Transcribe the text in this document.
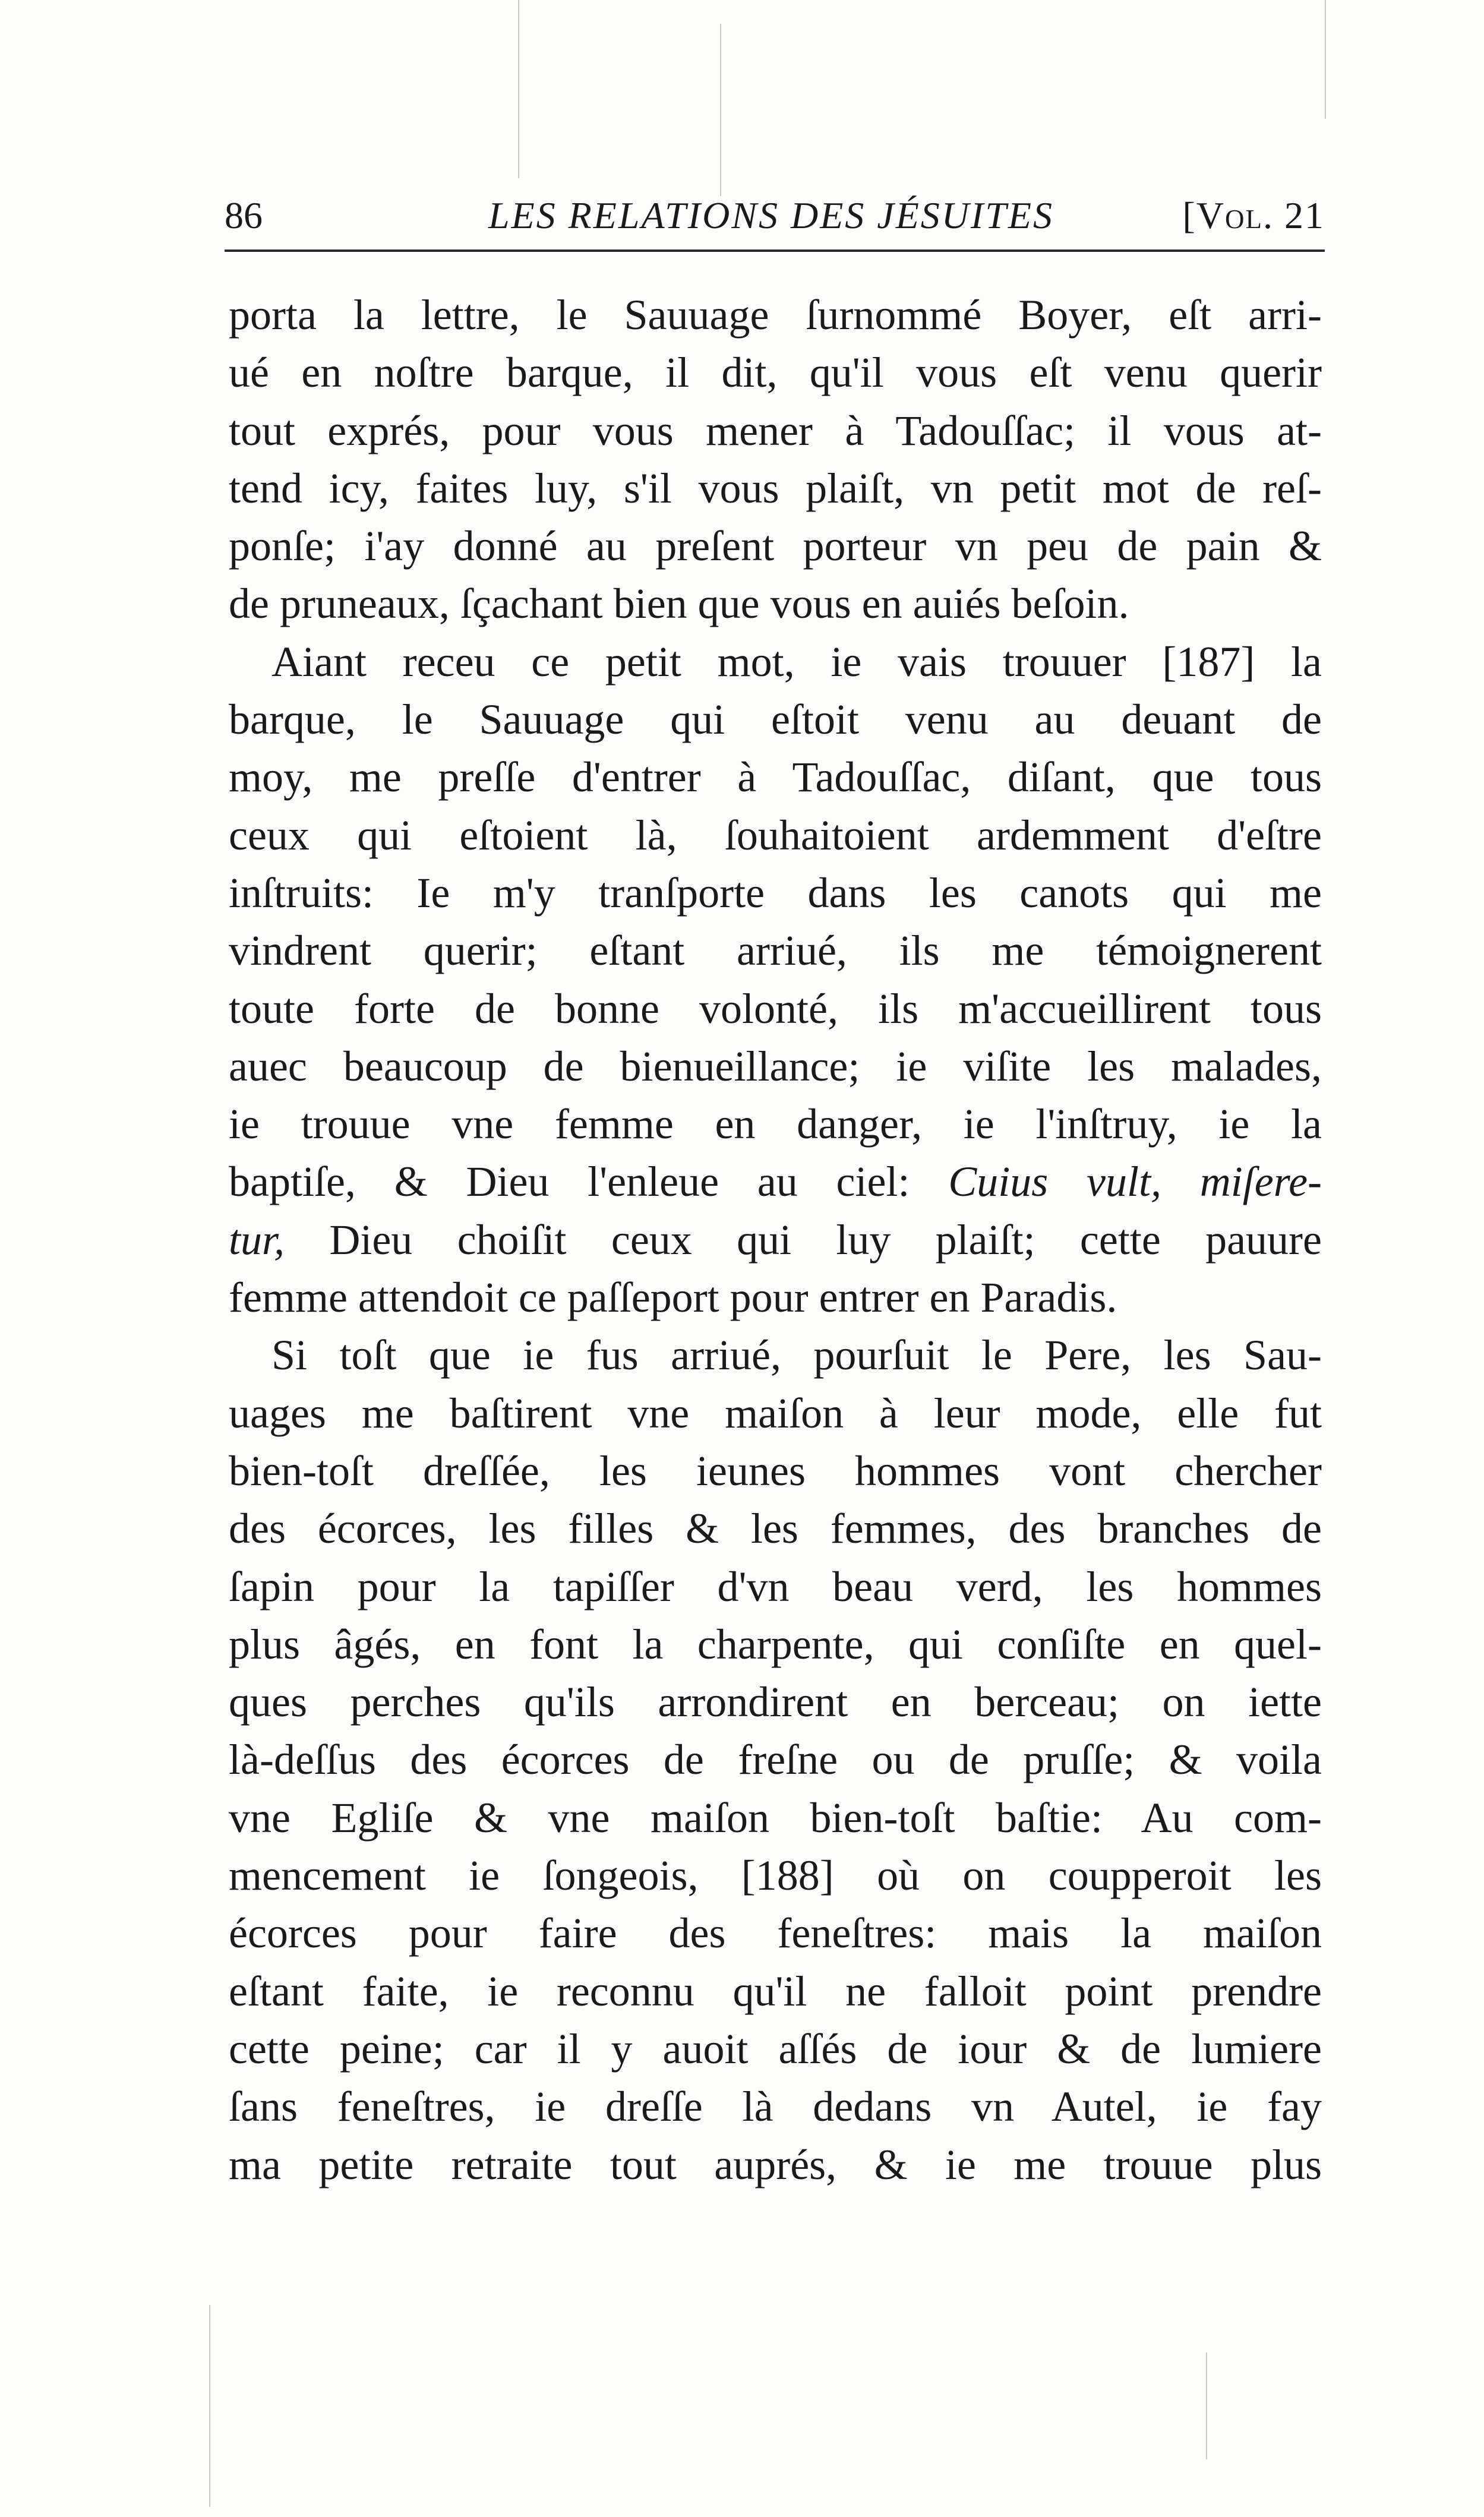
86	LES RELATIONS DES JÉSUITES	[Vol. 21
porta la lettre, le Sauuage ſurnommé Boyer, eſt arri-
ué en noſtre barque, il dit, qu'il vous eſt venu querir
tout exprés, pour vous mener à Tadouſſac; il vous at-
tend icy, faites luy, s'il vous plaiſt, vn petit mot de reſ-
ponſe; i'ay donné au preſent porteur vn peu de pain &
de pruneaux, ſçachant bien que vous en auiés beſoin.
Aiant receu ce petit mot, ie vais trouuer [187] la
barque, le Sauuage qui eſtoit venu au deuant de
moy, me preſſe d'entrer à Tadouſſac, diſant, que tous
ceux qui eſtoient là, ſouhaitoient ardemment d'eſtre
inſtruits: Ie m'y tranſporte dans les canots qui me
vindrent querir; eſtant arriué, ils me témoignerent
toute forte de bonne volonté, ils m'accueillirent tous
auec beaucoup de bienueillance; ie viſite les malades,
ie trouue vne femme en danger, ie l'inſtruy, ie la
baptiſe, & Dieu l'enleue au ciel: Cuius vult, miſere-
tur, Dieu choiſit ceux qui luy plaiſt; cette pauure
femme attendoit ce paſſeport pour entrer en Paradis.
Si toſt que ie fus arriué, pourſuit le Pere, les Sau-
uages me baſtirent vne maiſon à leur mode, elle fut
bien-toſt dreſſée, les ieunes hommes vont chercher
des écorces, les filles & les femmes, des branches de
ſapin pour la tapiſſer d'vn beau verd, les hommes
plus âgés, en font la charpente, qui conſiſte en quel-
ques perches qu'ils arrondirent en berceau; on iette
là-deſſus des écorces de freſne ou de pruſſe; & voila
vne Egliſe & vne maiſon bien-toſt baſtie: Au com-
mencement ie ſongeois, [188] où on coupperoit les
écorces pour faire des feneſtres: mais la maiſon
eſtant faite, ie reconnu qu'il ne falloit point prendre
cette peine; car il y auoit aſſés de iour & de lumiere
ſans feneſtres, ie dreſſe là dedans vn Autel, ie fay
ma petite retraite tout auprés, & ie me trouue plus
